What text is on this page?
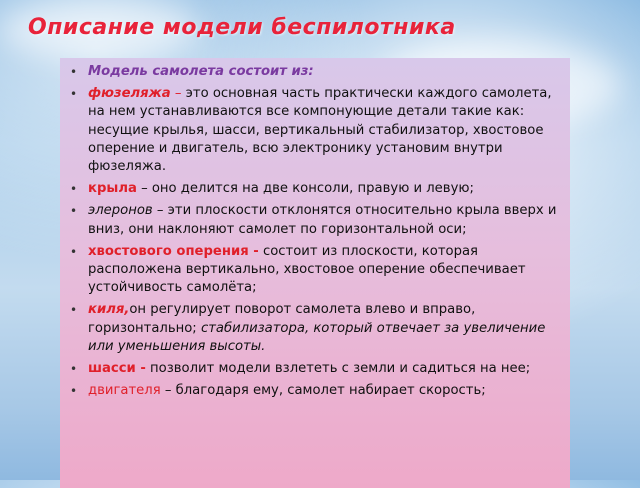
Описание модели беспилотника
• Модель самолета состоит из:
• фюзеляжа – это основная часть практически каждого самолета, на нем устанавливаются все компонующие детали такие как: несущие крылья, шасси, вертикальный стабилизатор, хвостовое оперение и двигатель, всю электронику установим внутри фюзеляжа.
• крыла – оно делится на две консоли, правую и левую;
• элеронов – эти плоскости отклонятся относительно крыла вверх и вниз, они наклоняют самолет по горизонтальной оси;
• хвостового оперения - состоит из плоскости, которая расположена вертикально, хвостовое оперение обеспечивает устойчивость самолёта;
• киля,он регулирует поворот самолета влево и вправо, горизонтально; стабилизатора, который отвечает за увеличение или уменьшения высоты.
• шасси - позволит модели взлететь с земли и садиться на нее;
• двигателя – благодаря ему, самолет набирает скорость;
